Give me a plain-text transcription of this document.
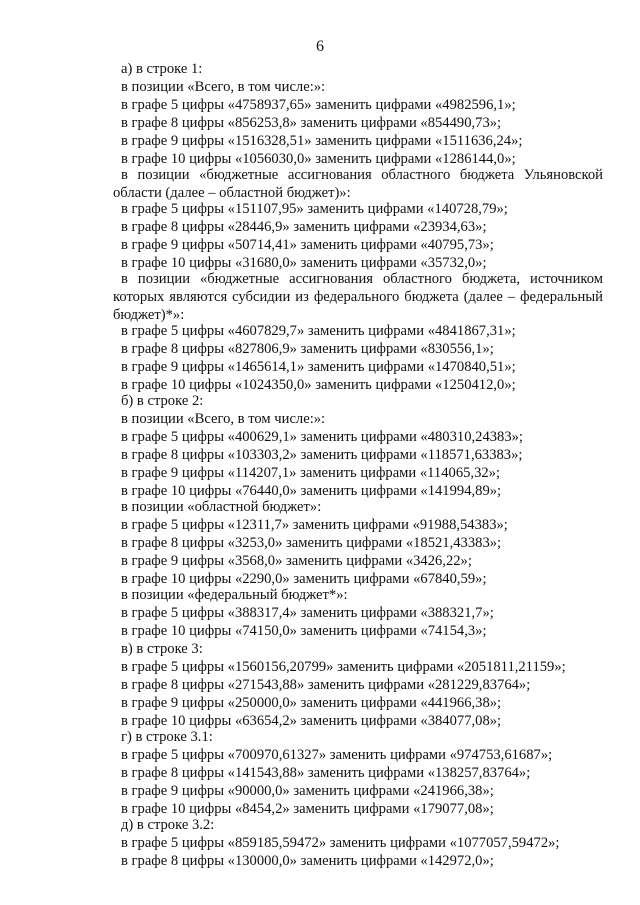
6
а) в строке 1:
в позиции «Всего, в том числе:»:
в графе 5 цифры «4758937,65» заменить цифрами «4982596,1»;
в графе 8 цифры «856253,8» заменить цифрами «854490,73»;
в графе 9 цифры «1516328,51» заменить цифрами «1511636,24»;
в графе 10 цифры «1056030,0» заменить цифрами «1286144,0»;
в позиции «бюджетные ассигнования областного бюджета Ульяновской
области (далее – областной бюджет)»:
в графе 5 цифры «151107,95» заменить цифрами «140728,79»;
в графе 8 цифры «28446,9» заменить цифрами «23934,63»;
в графе 9 цифры «50714,41» заменить цифрами «40795,73»;
в графе 10 цифры «31680,0» заменить цифрами «35732,0»;
в позиции «бюджетные ассигнования областного бюджета, источником
которых являются субсидии из федерального бюджета (далее – федеральный
бюджет)*»:
в графе 5 цифры «4607829,7» заменить цифрами «4841867,31»;
в графе 8 цифры «827806,9» заменить цифрами «830556,1»;
в графе 9 цифры «1465614,1» заменить цифрами «1470840,51»;
в графе 10 цифры «1024350,0» заменить цифрами «1250412,0»;
б) в строке 2:
в позиции «Всего, в том числе:»:
в графе 5 цифры «400629,1» заменить цифрами «480310,24383»;
в графе 8 цифры «103303,2» заменить цифрами «118571,63383»;
в графе 9 цифры «114207,1» заменить цифрами «114065,32»;
в графе 10 цифры «76440,0» заменить цифрами «141994,89»;
в позиции «областной бюджет»:
в графе 5 цифры «12311,7» заменить цифрами «91988,54383»;
в графе 8 цифры «3253,0» заменить цифрами «18521,43383»;
в графе 9 цифры «3568,0» заменить цифрами «3426,22»;
в графе 10 цифры «2290,0» заменить цифрами «67840,59»;
в позиции «федеральный бюджет*»:
в графе 5 цифры «388317,4» заменить цифрами «388321,7»;
в графе 10 цифры «74150,0» заменить цифрами «74154,3»;
в) в строке 3:
в графе 5 цифры «1560156,20799» заменить цифрами «2051811,21159»;
в графе 8 цифры «271543,88» заменить цифрами «281229,83764»;
в графе 9 цифры «250000,0» заменить цифрами «441966,38»;
в графе 10 цифры «63654,2» заменить цифрами «384077,08»;
г) в строке 3.1:
в графе 5 цифры «700970,61327» заменить цифрами «974753,61687»;
в графе 8 цифры «141543,88» заменить цифрами «138257,83764»;
в графе 9 цифры «90000,0» заменить цифрами «241966,38»;
в графе 10 цифры «8454,2» заменить цифрами «179077,08»;
д) в строке 3.2:
в графе 5 цифры «859185,59472» заменить цифрами «1077057,59472»;
в графе 8 цифры «130000,0» заменить цифрами «142972,0»;
